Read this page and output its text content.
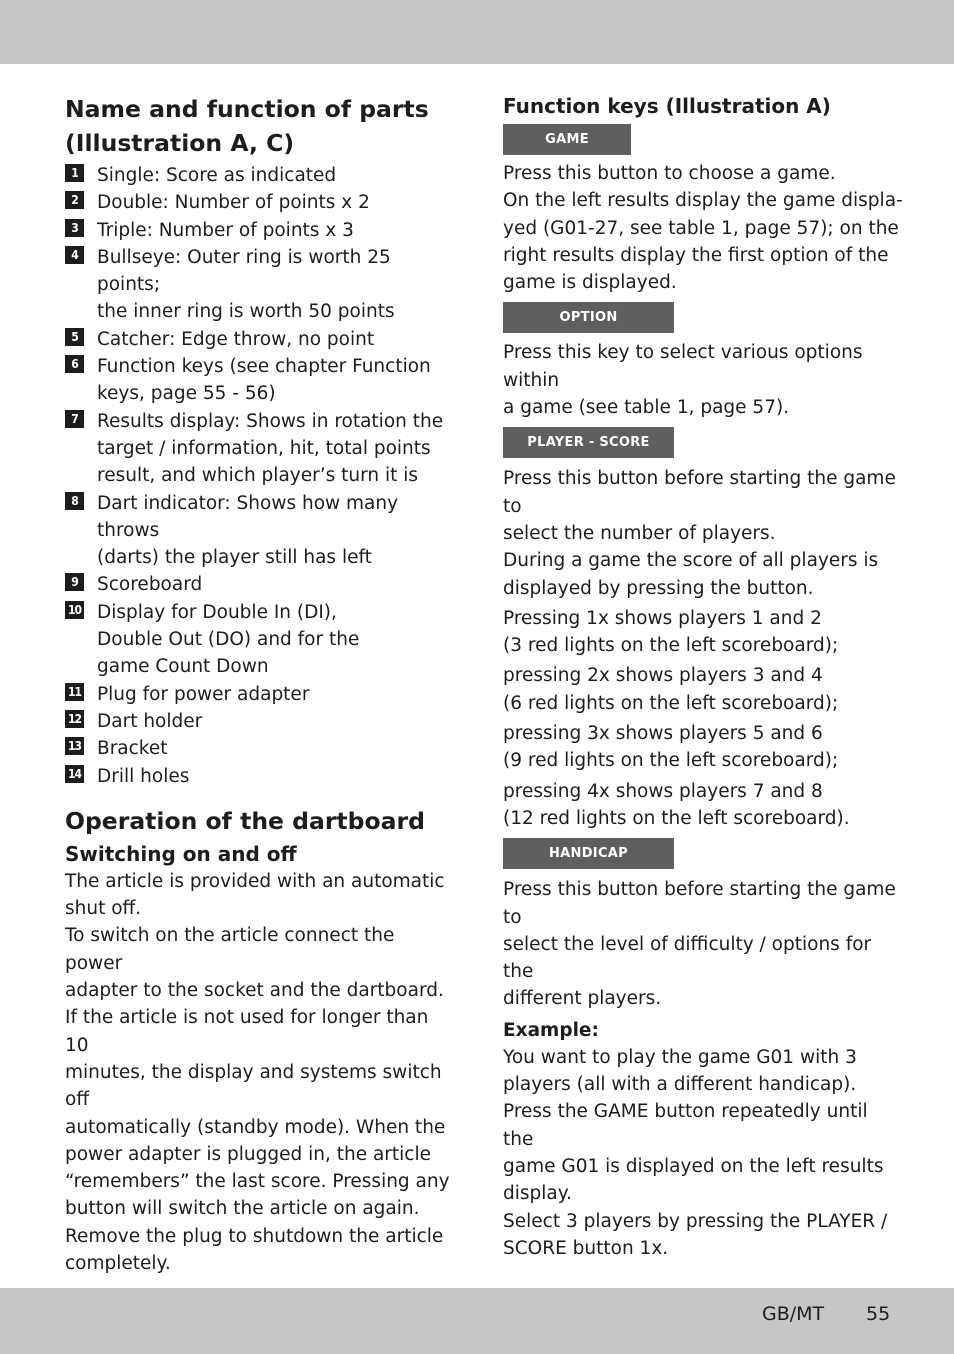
Name and function of parts
(Illustration A, C)
1	Single: Score as indicated
2	Double: Number of points x 2
3	Triple: Number of points x 3
4	Bullseye: Outer ring is worth 25 points;
the inner ring is worth 50 points
5	Catcher: Edge throw, no point
6	Function keys (see chapter Function
keys, page 55 - 56)
7	Results display: Shows in rotation the
target / information, hit, total points
result, and which player’s turn it is
8	Dart indicator: Shows how many throws
(darts) the player still has left
9	Scoreboard
10 Display for Double In (DI),
Double Out (DO) and for the
game Count Down
11 Plug for power adapter
12 Dart holder
13 Bracket
14 Drill holes
Operation of the dartboard
Switching on and off

The article is provided with an automatic
shut off.
To switch on the article connect the power
adapter to the socket and the dartboard.
If the article is not used for longer than 10
minutes, the display and systems switch off
automatically (standby mode). When the
power adapter is plugged in, the article
“remembers” the last score. Pressing any
button will switch the article on again.
Remove the plug to shutdown the article
completely.

Function keys (Illustration A)
GAME

Press this button to choose a game.
On the left results display the game displa-
yed (G01-27, see table 1, page 57); on the
right results display the first option of the
game is displayed.

OPTION

Press this key to select various options within
a game (see table 1, page 57).

PLAYER - SCORE

Press this button before starting the game to
select the number of players.
During a game the score of all players is
displayed by pressing the button.

Pressing 1x shows players 1 and 2
(3 red lights on the left scoreboard);

pressing 2x shows players 3 and 4
(6 red lights on the left scoreboard);

pressing 3x shows players 5 and 6
(9 red lights on the left scoreboard);

pressing 4x shows players 7 and 8
(12 red lights on the left scoreboard).

HANDICAP

Press this button before starting the game to
select the level of difficulty / options for the
different players.

Example:

You want to play the game G01 with 3
players (all with a different handicap).
Press the GAME button repeatedly until the
game G01 is displayed on the left results
display.
Select 3 players by pressing the PLAYER /
SCORE button 1x.

GB/MT 55
